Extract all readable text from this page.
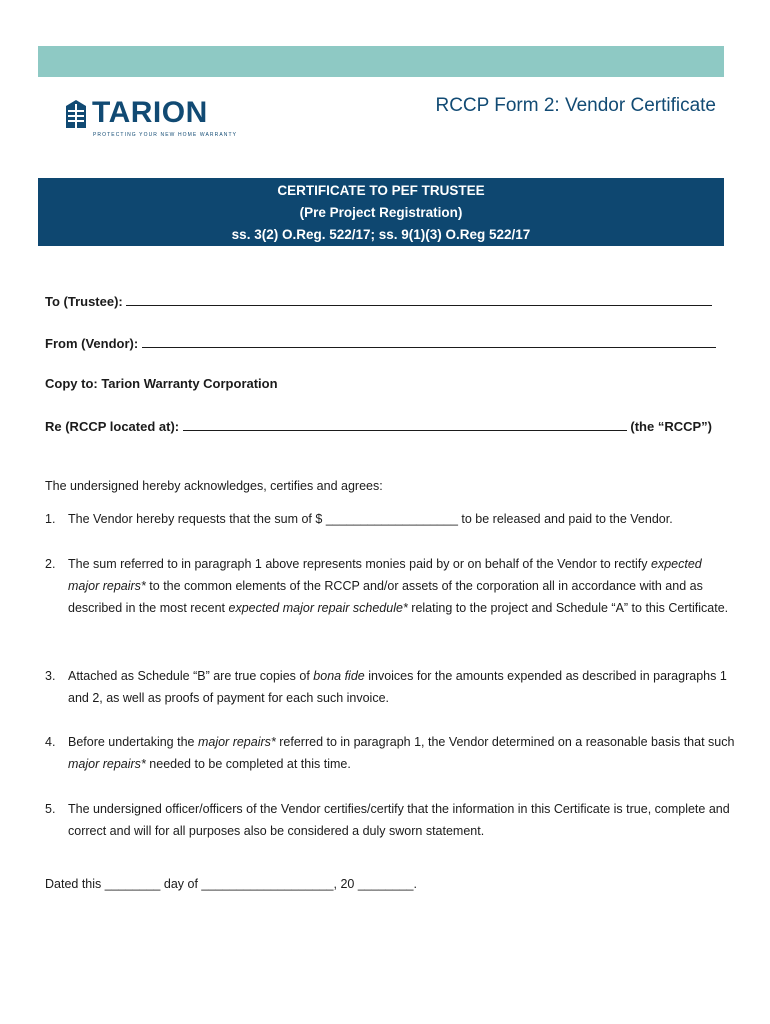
TARION
PROTECTING YOUR NEW HOME WARRANTY
RCCP Form 2: Vendor Certificate
CERTIFICATE TO PEF TRUSTEE
(Pre Project Registration)
ss. 3(2) O.Reg. 522/17; ss. 9(1)(3) O.Reg 522/17
To (Trustee):
From (Vendor):
Copy to: Tarion Warranty Corporation
Re (RCCP located at):	(the “RCCP”)
The undersigned hereby acknowledges, certifies and agrees:
1. The Vendor hereby requests that the sum of $ ___________________ to be released and paid to the Vendor.
2. The sum referred to in paragraph 1 above represents monies paid by or on behalf of the Vendor to rectify expected major repairs* to the common elements of the RCCP and/or assets of the corporation all in accordance with and as described in the most recent expected major repair schedule* relating to the project and Schedule “A” to this Certificate.
3. Attached as Schedule “B” are true copies of bona fide invoices for the amounts expended as described in paragraphs 1 and 2, as well as proofs of payment for each such invoice.
4. Before undertaking the major repairs* referred to in paragraph 1, the Vendor determined on a reasonable basis that such major repairs* needed to be completed at this time.
5. The undersigned officer/officers of the Vendor certifies/certify that the information in this Certificate is true, complete and correct and will for all purposes also be considered a duly sworn statement.
Dated this ________ day of ___________________, 20 ________.
